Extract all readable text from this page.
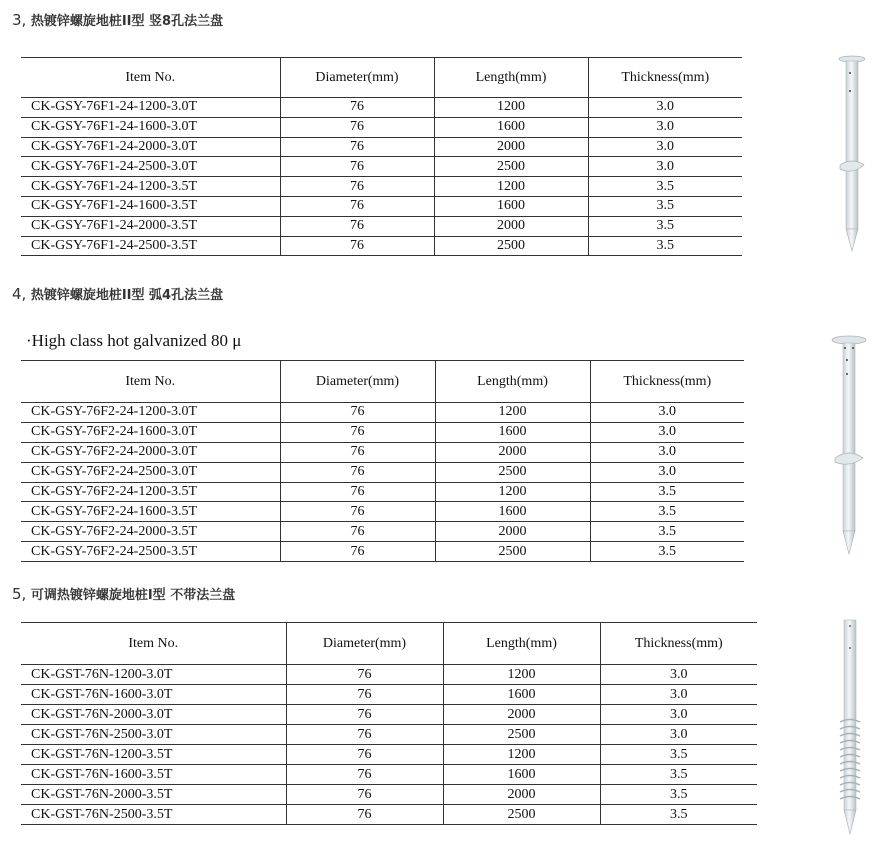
3, 热镀锌螺旋地桩II型 竖8孔法兰盘
Item No.	Diameter(mm)	Length(mm)	Thickness(mm)
CK-GSY-76F1-24-1200-3.0T	76	1200	3.0
CK-GSY-76F1-24-1600-3.0T	76	1600	3.0
CK-GSY-76F1-24-2000-3.0T	76	2000	3.0
CK-GSY-76F1-24-2500-3.0T	76	2500	3.0
CK-GSY-76F1-24-1200-3.5T	76	1200	3.5
CK-GSY-76F1-24-1600-3.5T	76	1600	3.5
CK-GSY-76F1-24-2000-3.5T	76	2000	3.5
CK-GSY-76F1-24-2500-3.5T	76	2500	3.5
4, 热镀锌螺旋地桩II型 弧4孔法兰盘
·High class hot galvanized 80 μ
Item No.	Diameter(mm)	Length(mm)	Thickness(mm)
CK-GSY-76F2-24-1200-3.0T	76	1200	3.0
CK-GSY-76F2-24-1600-3.0T	76	1600	3.0
CK-GSY-76F2-24-2000-3.0T	76	2000	3.0
CK-GSY-76F2-24-2500-3.0T	76	2500	3.0
CK-GSY-76F2-24-1200-3.5T	76	1200	3.5
CK-GSY-76F2-24-1600-3.5T	76	1600	3.5
CK-GSY-76F2-24-2000-3.5T	76	2000	3.5
CK-GSY-76F2-24-2500-3.5T	76	2500	3.5
5, 可调热镀锌螺旋地桩I型 不带法兰盘
Item No.	Diameter(mm)	Length(mm)	Thickness(mm)
CK-GST-76N-1200-3.0T	76	1200	3.0
CK-GST-76N-1600-3.0T	76	1600	3.0
CK-GST-76N-2000-3.0T	76	2000	3.0
CK-GST-76N-2500-3.0T	76	2500	3.0
CK-GST-76N-1200-3.5T	76	1200	3.5
CK-GST-76N-1600-3.5T	76	1600	3.5
CK-GST-76N-2000-3.5T	76	2000	3.5
CK-GST-76N-2500-3.5T	76	2500	3.5
